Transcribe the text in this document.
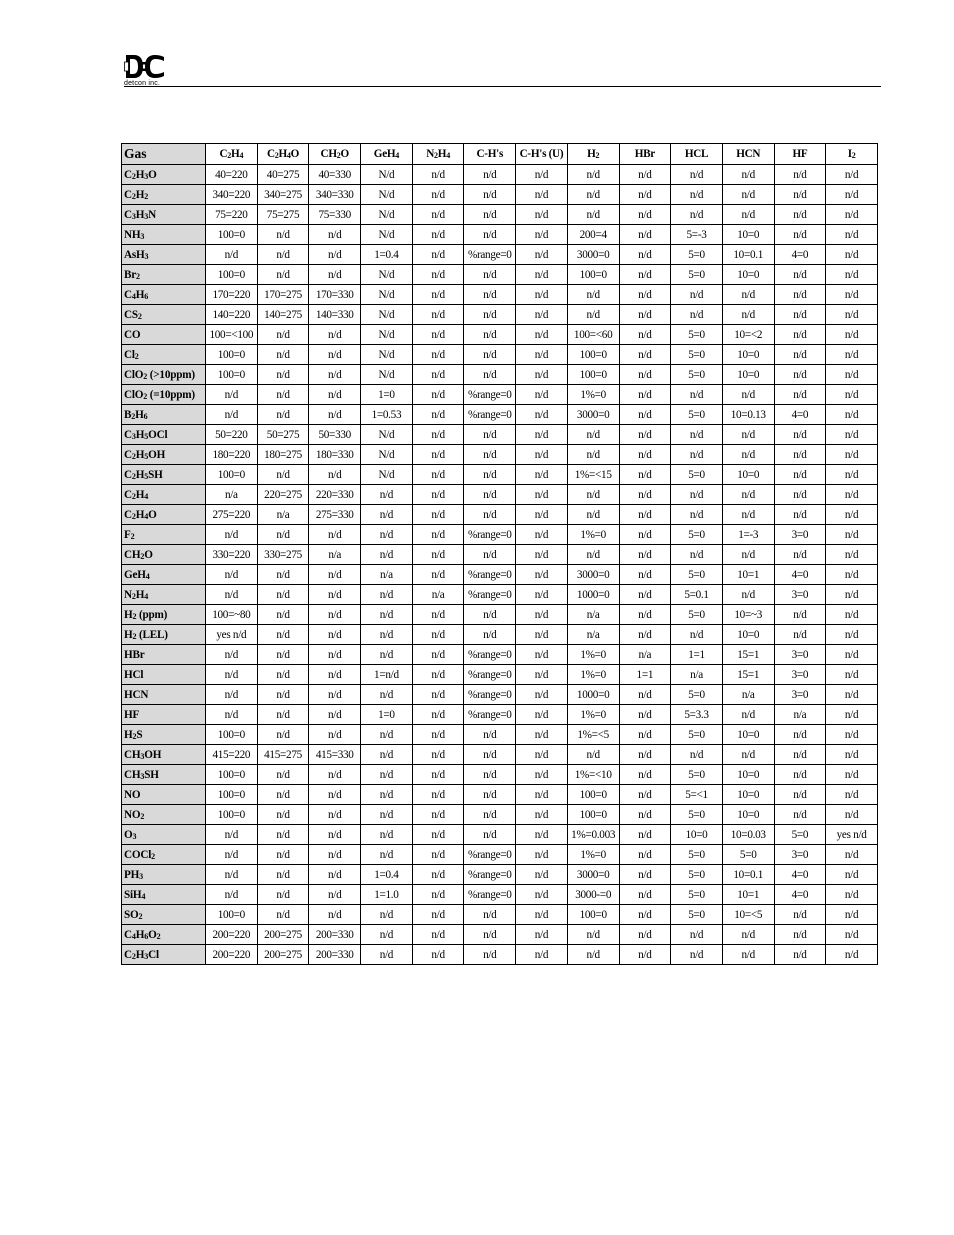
detcon inc.
Gas	$C_2H_4$	$C_2H_4O$	$CH_2O$	GeH$_4$	$N_2H_4$	C-H's	C-H's (U)	$H_2$	HBr	HCL	HCN	HF	$I_2$
$C_2H_3O$	40=220	40=275	40=330	N/d	n/d	n/d	n/d	n/d	n/d	n/d	n/d	n/d	n/d
$C_2H_2$	340=220	340=275	340=330	N/d	n/d	n/d	n/d	n/d	n/d	n/d	n/d	n/d	n/d
$C_3H_3N$	75=220	75=275	75=330	N/d	n/d	n/d	n/d	n/d	n/d	n/d	n/d	n/d	n/d
$NH_3$	100=0	n/d	n/d	N/d	n/d	n/d	n/d	200=4	n/d	5=-3	10=0	n/d	n/d
AsH$_3$	n/d	n/d	n/d	1=0.4	n/d	%range=0	n/d	3000=0	n/d	5=0	10=0.1	4=0	n/d
$Br_2$	100=0	n/d	n/d	N/d	n/d	n/d	n/d	100=0	n/d	5=0	10=0	n/d	n/d
$C_4H_6$	170=220	170=275	170=330	N/d	n/d	n/d	n/d	n/d	n/d	n/d	n/d	n/d	n/d
$CS_2$	140=220	140=275	140=330	N/d	n/d	n/d	n/d	n/d	n/d	n/d	n/d	n/d	n/d
CO	100=<100	n/d	n/d	N/d	n/d	n/d	n/d	100=<60	n/d	5=0	10=<2	n/d	n/d
$Cl_2$	100=0	n/d	n/d	N/d	n/d	n/d	n/d	100=0	n/d	5=0	10=0	n/d	n/d
ClO$_2$ (>10ppm)	100=0	n/d	n/d	N/d	n/d	n/d	n/d	100=0	n/d	5=0	10=0	n/d	n/d
ClO$_2$ (=10ppm)	n/d	n/d	n/d	1=0	n/d	%range=0	n/d	1%=0	n/d	n/d	n/d	n/d	n/d
$B_2H_6$	n/d	n/d	n/d	1=0.53	n/d	%range=0	n/d	3000=0	n/d	5=0	10=0.13	4=0	n/d
$C_3H_5OCl$	50=220	50=275	50=330	N/d	n/d	n/d	n/d	n/d	n/d	n/d	n/d	n/d	n/d
$C_2H_5OH$	180=220	180=275	180=330	N/d	n/d	n/d	n/d	n/d	n/d	n/d	n/d	n/d	n/d
$C_2H_5SH$	100=0	n/d	n/d	N/d	n/d	n/d	n/d	1%=<15	n/d	5=0	10=0	n/d	n/d
$C_2H_4$	n/a	220=275	220=330	n/d	n/d	n/d	n/d	n/d	n/d	n/d	n/d	n/d	n/d
$C_2H_4O$	275=220	n/a	275=330	n/d	n/d	n/d	n/d	n/d	n/d	n/d	n/d	n/d	n/d
$F_2$	n/d	n/d	n/d	n/d	n/d	%range=0	n/d	1%=0	n/d	5=0	1=-3	3=0	n/d
$CH_2O$	330=220	330=275	n/a	n/d	n/d	n/d	n/d	n/d	n/d	n/d	n/d	n/d	n/d
GeH$_4$	n/d	n/d	n/d	n/a	n/d	%range=0	n/d	3000=0	n/d	5=0	10=1	4=0	n/d
$N_2H_4$	n/d	n/d	n/d	n/d	n/a	%range=0	n/d	1000=0	n/d	5=0.1	n/d	3=0	n/d
$H_2$ (ppm)	100=~80	n/d	n/d	n/d	n/d	n/d	n/d	n/a	n/d	5=0	10=~3	n/d	n/d
$H_2$ (LEL)	yes n/d	n/d	n/d	n/d	n/d	n/d	n/d	n/a	n/d	n/d	10=0	n/d	n/d
HBr	n/d	n/d	n/d	n/d	n/d	%range=0	n/d	1%=0	n/a	1=1	15=1	3=0	n/d
HCl	n/d	n/d	n/d	1=n/d	n/d	%range=0	n/d	1%=0	1=1	n/a	15=1	3=0	n/d
HCN	n/d	n/d	n/d	n/d	n/d	%range=0	n/d	1000=0	n/d	5=0	n/a	3=0	n/d
HF	n/d	n/d	n/d	1=0	n/d	%range=0	n/d	1%=0	n/d	5=3.3	n/d	n/a	n/d
$H_2S$	100=0	n/d	n/d	n/d	n/d	n/d	n/d	1%=<5	n/d	5=0	10=0	n/d	n/d
$CH_3OH$	415=220	415=275	415=330	n/d	n/d	n/d	n/d	n/d	n/d	n/d	n/d	n/d	n/d
$CH_3SH$	100=0	n/d	n/d	n/d	n/d	n/d	n/d	1%=<10	n/d	5=0	10=0	n/d	n/d
NO	100=0	n/d	n/d	n/d	n/d	n/d	n/d	100=0	n/d	5=<1	10=0	n/d	n/d
$NO_2$	100=0	n/d	n/d	n/d	n/d	n/d	n/d	100=0	n/d	5=0	10=0	n/d	n/d
$O_3$	n/d	n/d	n/d	n/d	n/d	n/d	n/d	1%=0.003	n/d	10=0	10=0.03	5=0	yes n/d
COCl$_2$	n/d	n/d	n/d	n/d	n/d	%range=0	n/d	1%=0	n/d	5=0	5=0	3=0	n/d
$PH_3$	n/d	n/d	n/d	1=0.4	n/d	%range=0	n/d	3000=0	n/d	5=0	10=0.1	4=0	n/d
SiH$_4$	n/d	n/d	n/d	1=1.0	n/d	%range=0	n/d	3000-=0	n/d	5=0	10=1	4=0	n/d
$SO_2$	100=0	n/d	n/d	n/d	n/d	n/d	n/d	100=0	n/d	5=0	10=<5	n/d	n/d
$C_4H_6O_2$	200=220	200=275	200=330	n/d	n/d	n/d	n/d	n/d	n/d	n/d	n/d	n/d	n/d
$C_2H_3Cl$	200=220	200=275	200=330	n/d	n/d	n/d	n/d	n/d	n/d	n/d	n/d	n/d	n/d
